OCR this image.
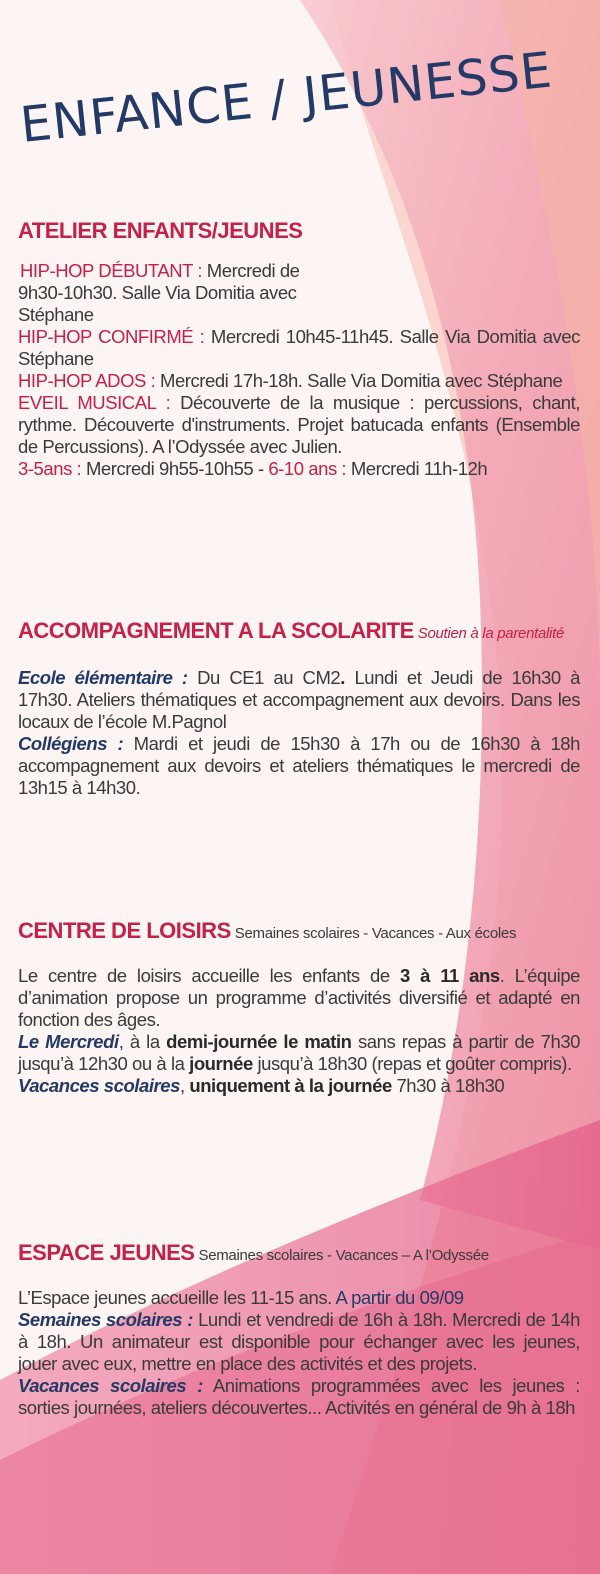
ENFANCE / JEUNESSE
ATELIER ENFANTS/JEUNES

HIP-HOP DÉBUTANT : Mercredi de 9h30-10h30. Salle Via Domitia avec Stéphane

HIP-HOP CONFIRMÉ : Mercredi 10h45-11h45. Salle Via Domitia avec Stéphane

HIP-HOP ADOS : Mercredi 17h-18h. Salle Via Domitia avec Stéphane

EVEIL MUSICAL : Découverte de la musique : percussions, chant, rythme. Découverte d'instruments. Projet batucada enfants (Ensemble de Percussions). A l’Odyssée avec Julien.

3-5ans : Mercredi 9h55-10h55 - 6-10 ans : Mercredi 11h-12h

ACCOMPAGNEMENT A LA SCOLARITE Soutien à la parentalité

Ecole élémentaire : Du CE1 au CM2. Lundi et Jeudi de 16h30 à 17h30. Ateliers thématiques et accompagnement aux devoirs. Dans les locaux de l’école M.Pagnol

Collégiens : Mardi et jeudi de 15h30 à 17h ou de 16h30 à 18h accompagnement aux devoirs et ateliers thématiques le mercredi de 13h15 à 14h30.

CENTRE DE LOISIRS Semaines scolaires - Vacances - Aux écoles

Le centre de loisirs accueille les enfants de 3 à 11 ans. L’équipe d’animation propose un programme d’activités diversifié et adapté en fonction des âges.

Le Mercredi, à la demi-journée le matin sans repas à partir de 7h30 jusqu’à 12h30 ou à la journée jusqu’à 18h30 (repas et goûter compris).

Vacances scolaires, uniquement à la journée 7h30 à 18h30

ESPACE JEUNES Semaines scolaires - Vacances – A l’Odyssée

L’Espace jeunes accueille les 11-15 ans. A partir du 09/09

Semaines scolaires : Lundi et vendredi de 16h à 18h. Mercredi de 14h à 18h. Un animateur est disponible pour échanger avec les jeunes, jouer avec eux, mettre en place des activités et des projets.

Vacances scolaires : Animations programmées avec les jeunes : sorties journées, ateliers découvertes... Activités en général de 9h à 18h
